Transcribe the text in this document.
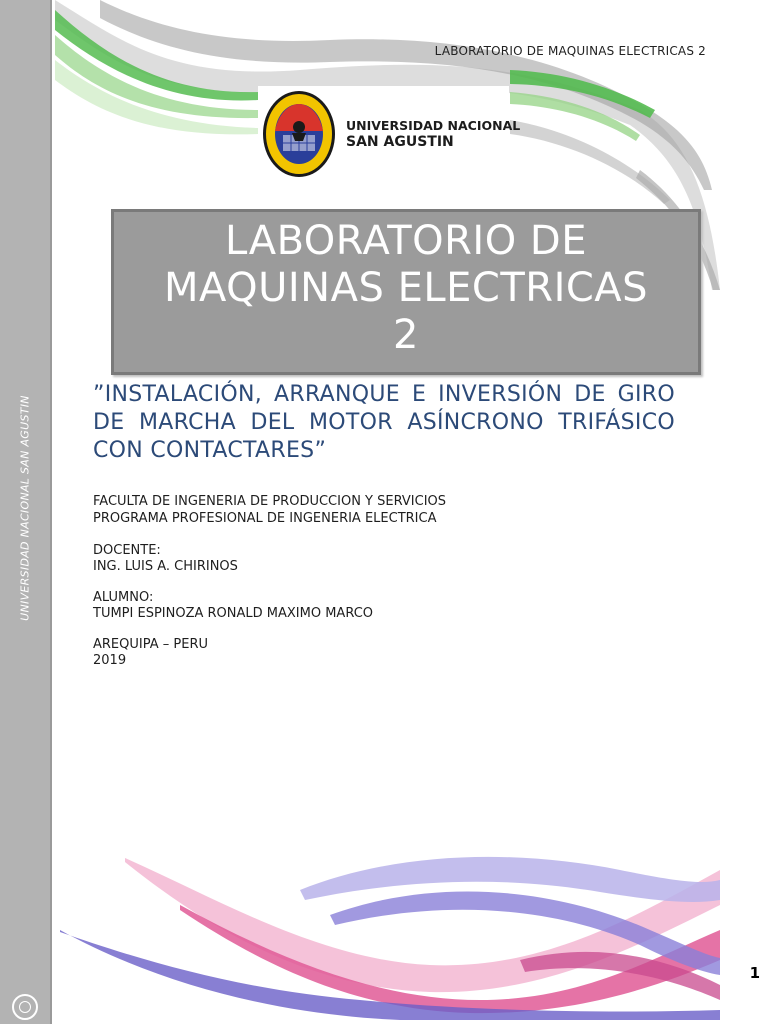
UNIVERSIDAD NACIONAL SAN AGUSTIN
LABORATORIO DE MAQUINAS ELECTRICAS 2
UNIVERSIDAD NACIONAL
SAN AGUSTIN
LABORATORIO DE
MAQUINAS ELECTRICAS
2
”INSTALACIÓN, ARRANQUE E INVERSIÓN DE GIRO DE MARCHA DEL MOTOR ASÍNCRONO TRIFÁSICO CON CONTACTARES”
FACULTA DE INGENERIA DE PRODUCCION Y SERVICIOS
PROGRAMA PROFESIONAL DE INGENERIA ELECTRICA
DOCENTE:
ING. LUIS A. CHIRINOS
ALUMNO:
TUMPI ESPINOZA RONALD MAXIMO MARCO
AREQUIPA – PERU
2019
1
